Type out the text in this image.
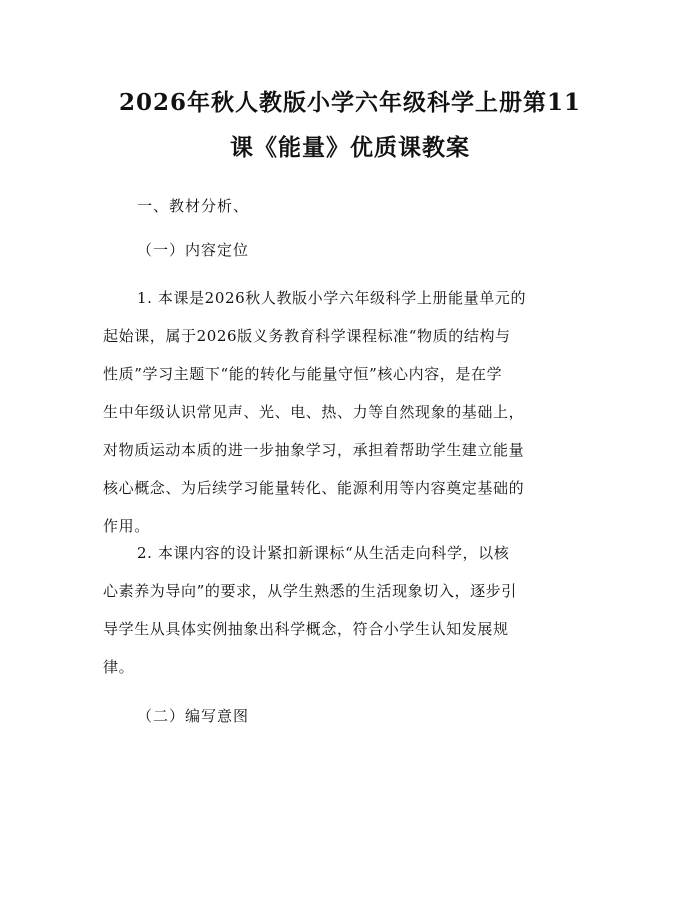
2026年秋人教版小学六年级科学上册第11
课《能量》优质课教案
一、教材分析、
（一）内容定位
1. 本课是2026秋人教版小学六年级科学上册能量单元的
起始课，属于2026版义务教育科学课程标准“物质的结构与
性质”学习主题下“能的转化与能量守恒”核心内容，是在学
生中年级认识常见声、光、电、热、力等自然现象的基础上，
对物质运动本质的进一步抽象学习，承担着帮助学生建立能量
核心概念、为后续学习能量转化、能源利用等内容奠定基础的
作用。
2. 本课内容的设计紧扣新课标“从生活走向科学，以核
心素养为导向”的要求，从学生熟悉的生活现象切入，逐步引
导学生从具体实例抽象出科学概念，符合小学生认知发展规
律。
（二）编写意图
